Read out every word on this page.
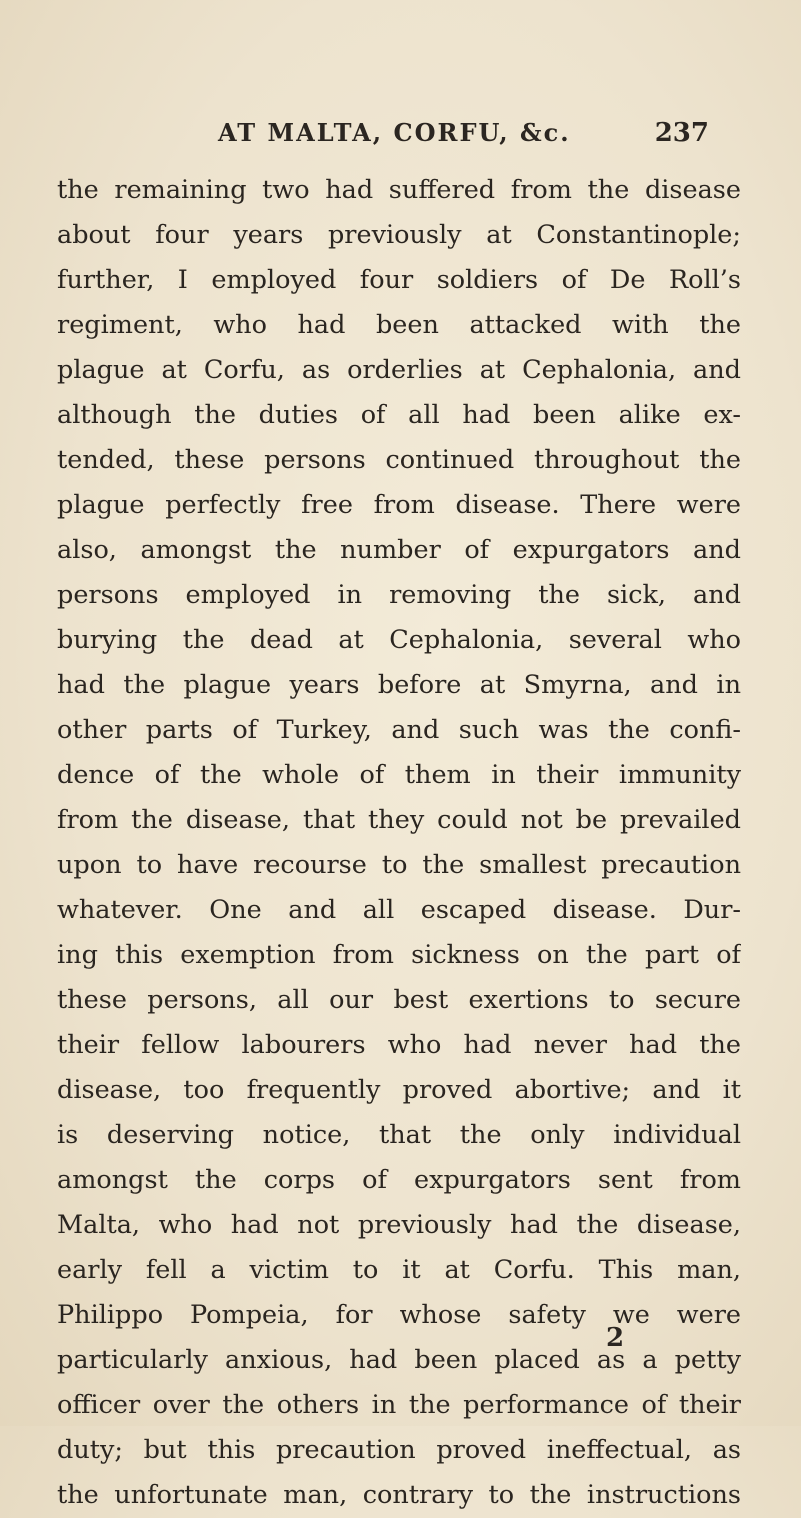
AT MALTA, CORFU, &c.	237
the remaining two had suffered from the disease
about four years previously at Constantinople;
further, I employed four soldiers of De Roll’s
regiment, who had been attacked with the
plague at Corfu, as orderlies at Cephalonia, and
although the duties of all had been alike ex-
tended, these persons continued throughout the
plague perfectly free from disease. There were
also, amongst the number of expurgators and
persons employed in removing the sick, and
burying the dead at Cephalonia, several who
had the plague years before at Smyrna, and in
other parts of Turkey, and such was the confi-
dence of the whole of them in their immunity
from the disease, that they could not be prevailed
upon to have recourse to the smallest precaution
whatever. One and all escaped disease. Dur-
ing this exemption from sickness on the part of
these persons, all our best exertions to secure
their fellow labourers who had never had the
disease, too frequently proved abortive; and it
is deserving notice, that the only individual
amongst the corps of expurgators sent from
Malta, who had not previously had the disease,
early fell a victim to it at Corfu. This man,
Philippo Pompeia, for whose safety we were
particularly anxious, had been placed as a petty
officer over the others in the performance of their
duty; but this precaution proved ineffectual, as
the unfortunate man, contrary to the instructions
2
